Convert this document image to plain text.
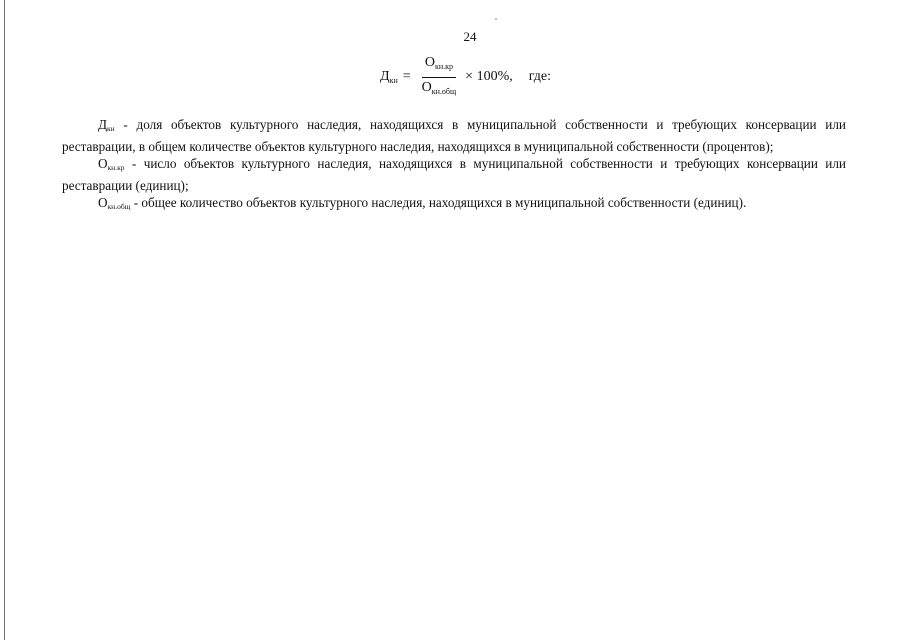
24
$Д_{кн} = \frac{О_{кн.кр}}{О_{кн.общ}} \times 100\%$, где:

$Д_{кн}$ - доля объектов культурного наследия, находящихся в муниципальной собственности и требующих консервации или реставрации, в общем количестве объектов культурного наследия, находящихся в муниципальной собственности (процентов);

$О_{кн.кр}$ - число объектов культурного наследия, находящихся в муниципальной собственности и требующих консервации или реставрации (единиц);

$О_{кн.общ}$ - общее количество объектов культурного наследия, находящихся в муниципальной собственности (единиц).
